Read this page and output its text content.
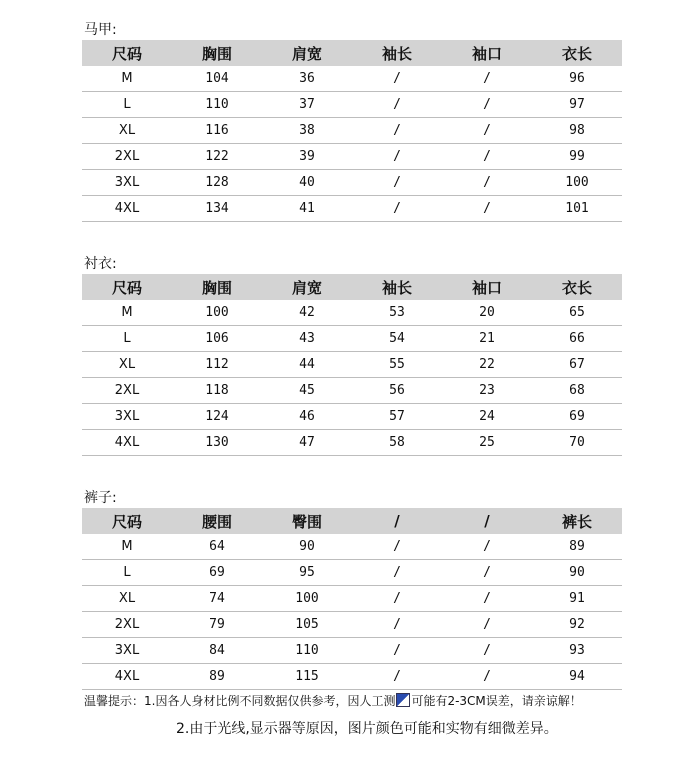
马甲:
尺码	胸围	肩宽	袖长	袖口	衣长
M	104	36	/	/	96
L	110	37	/	/	97
XL	116	38	/	/	98
2XL	122	39	/	/	99
3XL	128	40	/	/	100
4XL	134	41	/	/	101
衬衣:
尺码	胸围	肩宽	袖长	袖口	衣长
M	100	42	53	20	65
L	106	43	54	21	66
XL	112	44	55	22	67
2XL	118	45	56	23	68
3XL	124	46	57	24	69
4XL	130	47	58	25	70
裤子:
尺码	腰围	臀围	/	/	裤长
M	64	90	/	/	89
L	69	95	/	/	90
XL	74	100	/	/	91
2XL	79	105	/	/	92
3XL	84	110	/	/	93
4XL	89	115	/	/	94
温馨提示：1.因各人身材比例不同数据仅供参考，因人工测 可能有2-3CM误差，请亲谅解！
2.由于光线,显示器等原因，图片颜色可能和实物有细微差异。
